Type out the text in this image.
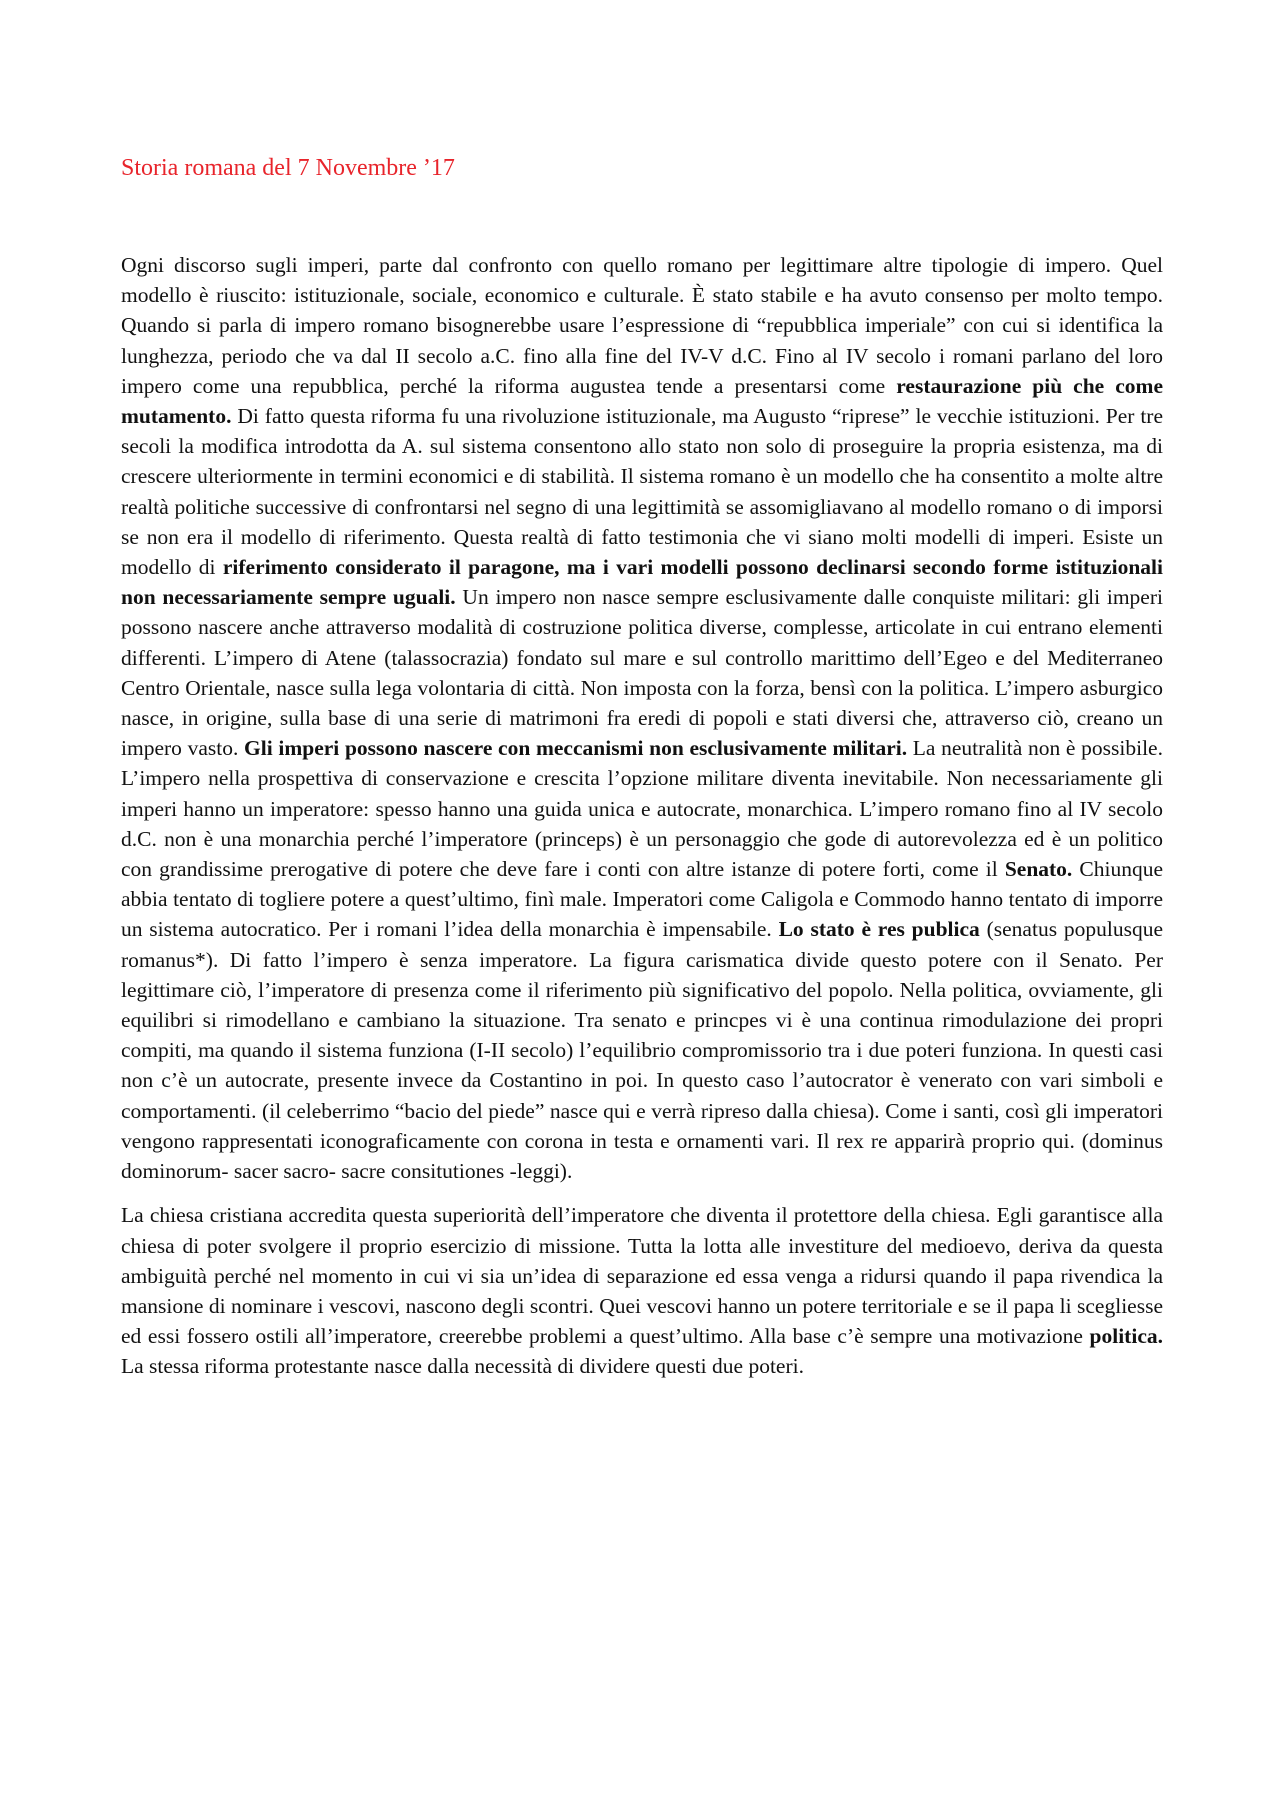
Storia romana del 7 Novembre ’17

Ogni discorso sugli imperi, parte dal confronto con quello romano per legittimare altre tipologie di impero. Quel modello è riuscito: istituzionale, sociale, economico e culturale. È stato stabile e ha avuto consenso per molto tempo. Quando si parla di impero romano bisognerebbe usare l’espressione di “repubblica imperiale” con cui si identifica la lunghezza, periodo che va dal II secolo a.C. fino alla fine del IV-V d.C. Fino al IV secolo i romani parlano del loro impero come una repubblica, perché la riforma augustea tende a presentarsi come restaurazione più che come mutamento. Di fatto questa riforma fu una rivoluzione istituzionale, ma Augusto “riprese” le vecchie istituzioni. Per tre secoli la modifica introdotta da A. sul sistema consentono allo stato non solo di proseguire la propria esistenza, ma di crescere ulteriormente in termini economici e di stabilità. Il sistema romano è un modello che ha consentito a molte altre realtà politiche successive di confrontarsi nel segno di una legittimità se assomigliavano al modello romano o di imporsi se non era il modello di riferimento. Questa realtà di fatto testimonia che vi siano molti modelli di imperi. Esiste un modello di riferimento considerato il paragone, ma i vari modelli possono declinarsi secondo forme istituzionali non necessariamente sempre uguali. Un impero non nasce sempre esclusivamente dalle conquiste militari: gli imperi possono nascere anche attraverso modalità di costruzione politica diverse, complesse, articolate in cui entrano elementi differenti. L’impero di Atene (talassocrazia) fondato sul mare e sul controllo marittimo dell’Egeo e del Mediterraneo Centro Orientale, nasce sulla lega volontaria di città. Non imposta con la forza, bensì con la politica. L’impero asburgico nasce, in origine, sulla base di una serie di matrimoni fra eredi di popoli e stati diversi che, attraverso ciò, creano un impero vasto. Gli imperi possono nascere con meccanismi non esclusivamente militari. La neutralità non è possibile. L’impero nella prospettiva di conservazione e crescita l’opzione militare diventa inevitabile. Non necessariamente gli imperi hanno un imperatore: spesso hanno una guida unica e autocrate, monarchica. L’impero romano fino al IV secolo d.C. non è una monarchia perché l’imperatore (princeps) è un personaggio che gode di autorevolezza ed è un politico con grandissime prerogative di potere che deve fare i conti con altre istanze di potere forti, come il Senato. Chiunque abbia tentato di togliere potere a quest’ultimo, finì male. Imperatori come Caligola e Commodo hanno tentato di imporre un sistema autocratico. Per i romani l’idea della monarchia è impensabile. Lo stato è res publica (senatus populusque romanus*). Di fatto l’impero è senza imperatore. La figura carismatica divide questo potere con il Senato. Per legittimare ciò, l’imperatore di presenza come il riferimento più significativo del popolo. Nella politica, ovviamente, gli equilibri si rimodellano e cambiano la situazione. Tra senato e princpes vi è una continua rimodulazione dei propri compiti, ma quando il sistema funziona (I-II secolo) l’equilibrio compromissorio tra i due poteri funziona. In questi casi non c’è un autocrate, presente invece da Costantino in poi. In questo caso l’autocrator è venerato con vari simboli e comportamenti. (il celeberrimo “bacio del piede” nasce qui e verrà ripreso dalla chiesa). Come i santi, così gli imperatori vengono rappresentati iconograficamente con corona in testa e ornamenti vari. Il rex re apparirà proprio qui. (dominus dominorum- sacer sacro- sacre consitutiones -leggi).

La chiesa cristiana accredita questa superiorità dell’imperatore che diventa il protettore della chiesa. Egli garantisce alla chiesa di poter svolgere il proprio esercizio di missione. Tutta la lotta alle investiture del medioevo, deriva da questa ambiguità perché nel momento in cui vi sia un’idea di separazione ed essa venga a ridursi quando il papa rivendica la mansione di nominare i vescovi, nascono degli scontri. Quei vescovi hanno un potere territoriale e se il papa li scegliesse ed essi fossero ostili all’imperatore, creerebbe problemi a quest’ultimo. Alla base c’è sempre una motivazione politica. La stessa riforma protestante nasce dalla necessità di dividere questi due poteri.
